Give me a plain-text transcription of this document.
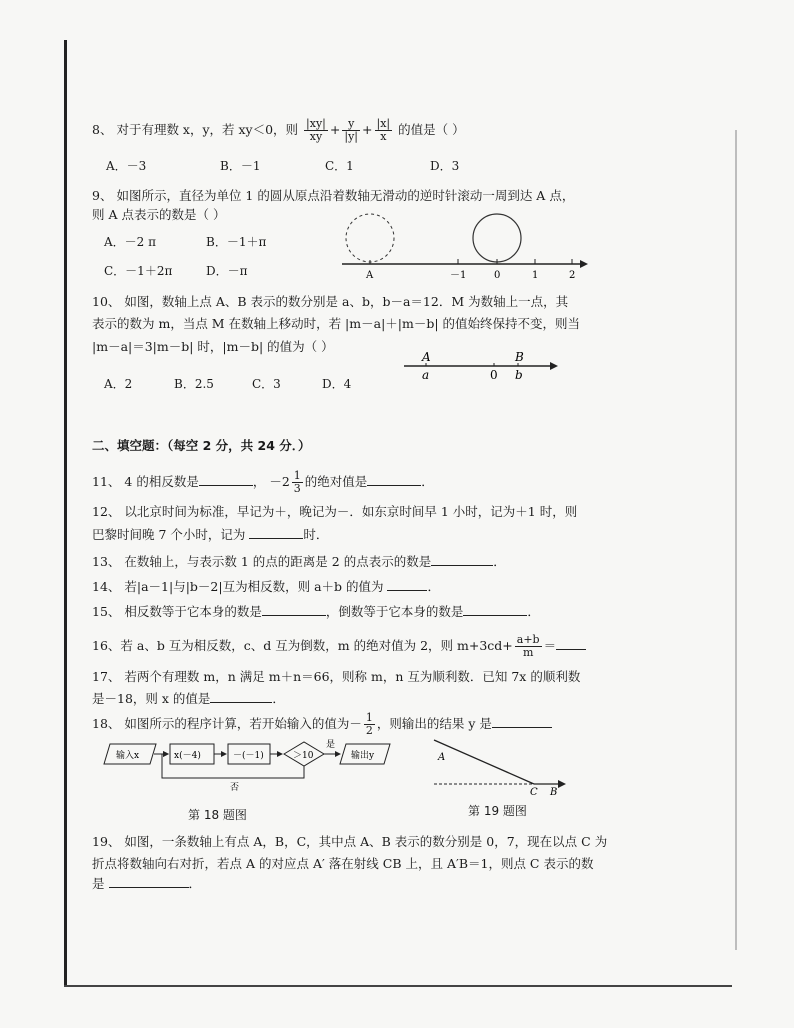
8、 对于有理数 x，y，若 xy＜0，则 $\frac{|xy|}{xy} + \frac{y}{|y|} + \frac{|x|}{x}$ 的值是（ ）
A．－3	B．－1	C．1	D．3
9、 如图所示，直径为单位 1 的圆从原点沿着数轴无滑动的逆时针滚动一周到达 A 点，
则 A 点表示的数是（ ）
A．－2 π	B．－1＋π
C．－1＋2π	D．－π	A	－1	0	1	2
10、 如图，数轴上点 A、B 表示的数分别是 a、b，b－a＝12．M 为数轴上一点，其
表示的数为 m，当点 M 在数轴上移动时，若 |m－a|＋|m－b| 的值始终保持不变，则当
|m－a|＝3|m－b| 时，|m－b| 的值为（ ）
A．2	B．2.5	C．3	D．4
A	B
a	0 b

二、填空题：（每空 2 分，共 24 分．）
11、 4 的相反数是	， $-2 \frac{1}{3}$ 的绝对值是	．
12、 以北京时间为标准，早记为＋，晚记为－．如东京时间早 1 小时，记为＋1 时，则
巴黎时间晚 7 个小时，记为	时．
13、 在数轴上，与表示数 1 的点的距离是 2 的点表示的数是	．
14、 若|a－1|与|b－2|互为相反数，则 a＋b 的值为	．
15、 相反数等于它本身的数是	，倒数等于它本身的数是	．
16、若 a、b 互为相反数，c、d 互为倒数，m 的绝对值为 2，则 $m+3cd+ \frac{a+b}{m}$ ＝
17、 若两个有理数 m，n 满足 m＋n＝66，则称 m，n 互为顺利数．已知 7x 的顺利数
是－18，则 x 的值是	．
18、 如图所示的程序计算，若开始输入的值为－ $\frac{1}{2}$ ，则输出的结果 y 是
输入x	x(－4)	－(－1)	＞10
是
输出y
否
第 18 题图
A
C B
第 19 题图
19、 如图，一条数轴上有点 A，B，C，其中点 A、B 表示的数分别是 0，7，现在以点 C 为
折点将数轴向右对折，若点 A 的对应点 A′ 落在射线 CB 上，且 A′B＝1，则点 C 表示的数
是	．
